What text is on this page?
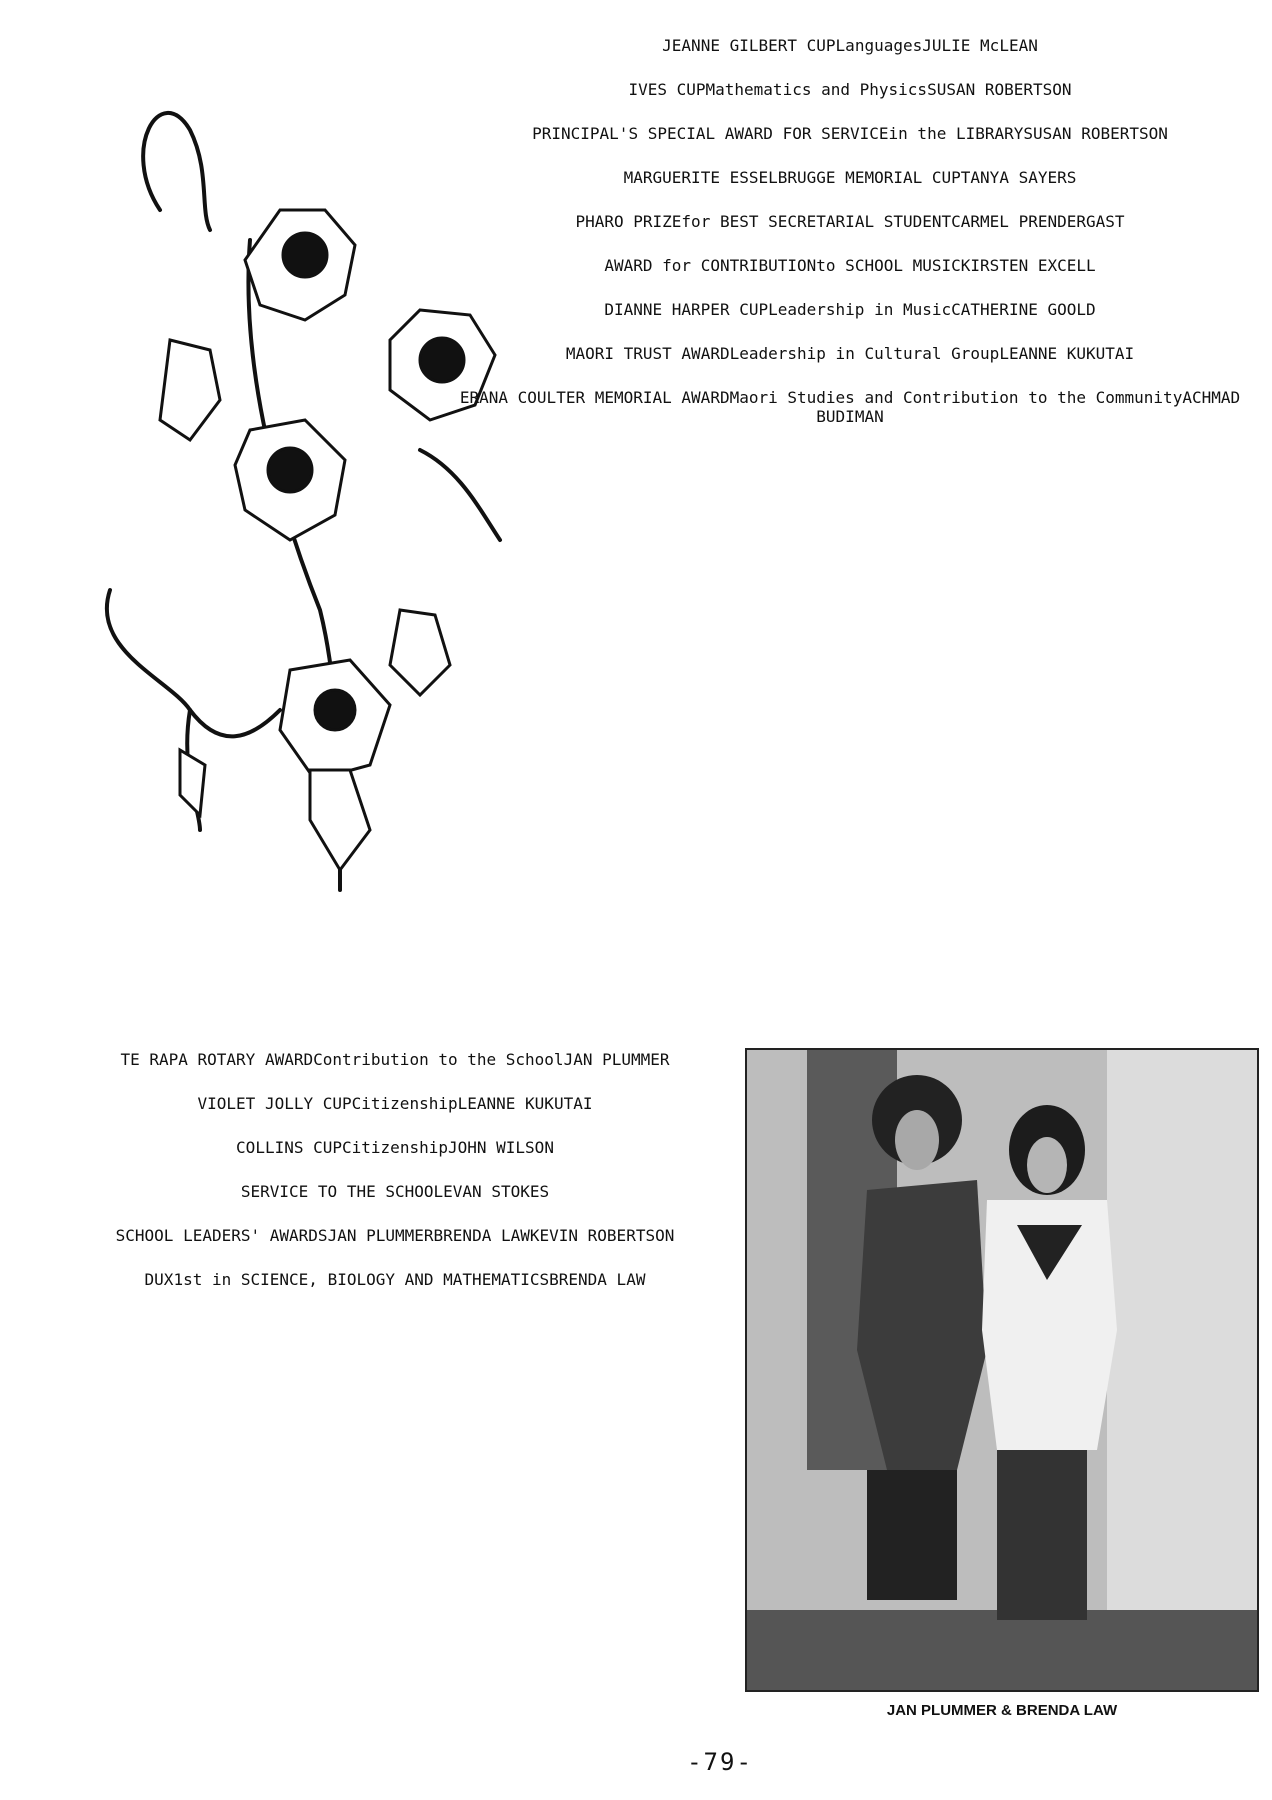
JEANNE GILBERT CUPLanguagesJULIE McLEAN
IVES CUPMathematics and PhysicsSUSAN ROBERTSON
PRINCIPAL'S SPECIAL AWARD FOR SERVICEin the LIBRARYSUSAN ROBERTSON
MARGUERITE ESSELBRUGGE MEMORIAL CUPTANYA SAYERS
PHARO PRIZEfor BEST SECRETARIAL STUDENTCARMEL PRENDERGAST
AWARD for CONTRIBUTIONto SCHOOL MUSICKIRSTEN EXCELL
DIANNE HARPER CUPLeadership in MusicCATHERINE GOOLD
MAORI TRUST AWARDLeadership in Cultural GroupLEANNE KUKUTAI
ERANA COULTER MEMORIAL AWARDMaori Studies and Contribution to the CommunityACHMAD BUDIMAN
TE RAPA ROTARY AWARDContribution to the SchoolJAN PLUMMER
VIOLET JOLLY CUPCitizenshipLEANNE KUKUTAI
COLLINS CUPCitizenshipJOHN WILSON
SERVICE TO THE SCHOOLEVAN STOKES
SCHOOL LEADERS' AWARDSJAN PLUMMERBRENDA LAWKEVIN ROBERTSON
DUX1st in SCIENCE, BIOLOGY AND MATHEMATICSBRENDA LAW
JAN PLUMMER & BRENDA LAW
-79-
